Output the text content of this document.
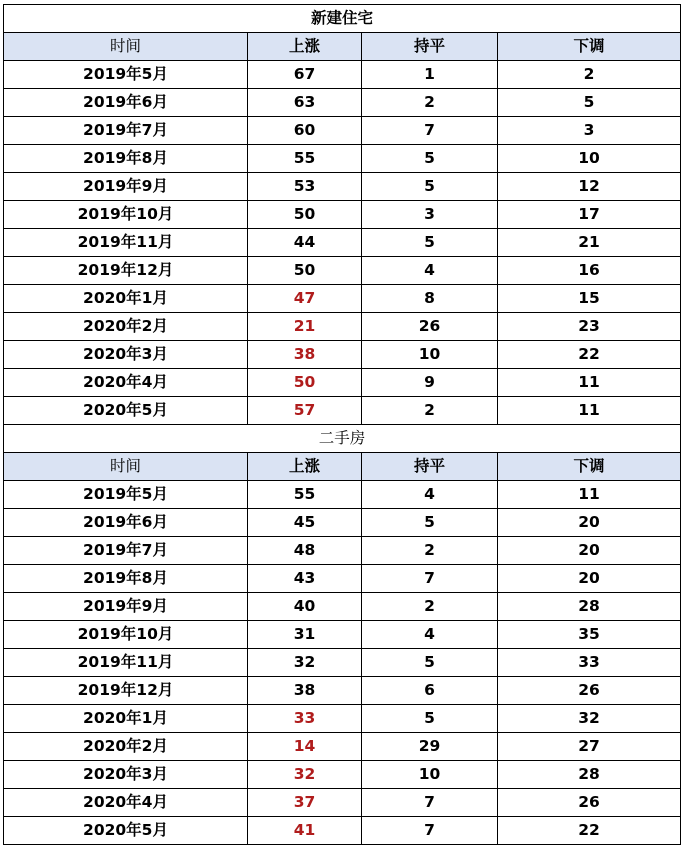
新建住宅			
时间	上涨	持平	下调
2019年5月	67	1	2
2019年6月	63	2	5
2019年7月	60	7	3
2019年8月	55	5	10
2019年9月	53	5	12
2019年10月	50	3	17
2019年11月	44	5	21
2019年12月	50	4	16
2020年1月	47	8	15
2020年2月	21	26	23
2020年3月	38	10	22
2020年4月	50	9	11
2020年5月	57	2	11
二手房			
时间	上涨	持平	下调
2019年5月	55	4	11
2019年6月	45	5	20
2019年7月	48	2	20
2019年8月	43	7	20
2019年9月	40	2	28
2019年10月	31	4	35
2019年11月	32	5	33
2019年12月	38	6	26
2020年1月	33	5	32
2020年2月	14	29	27
2020年3月	32	10	28
2020年4月	37	7	26
2020年5月	41	7	22
